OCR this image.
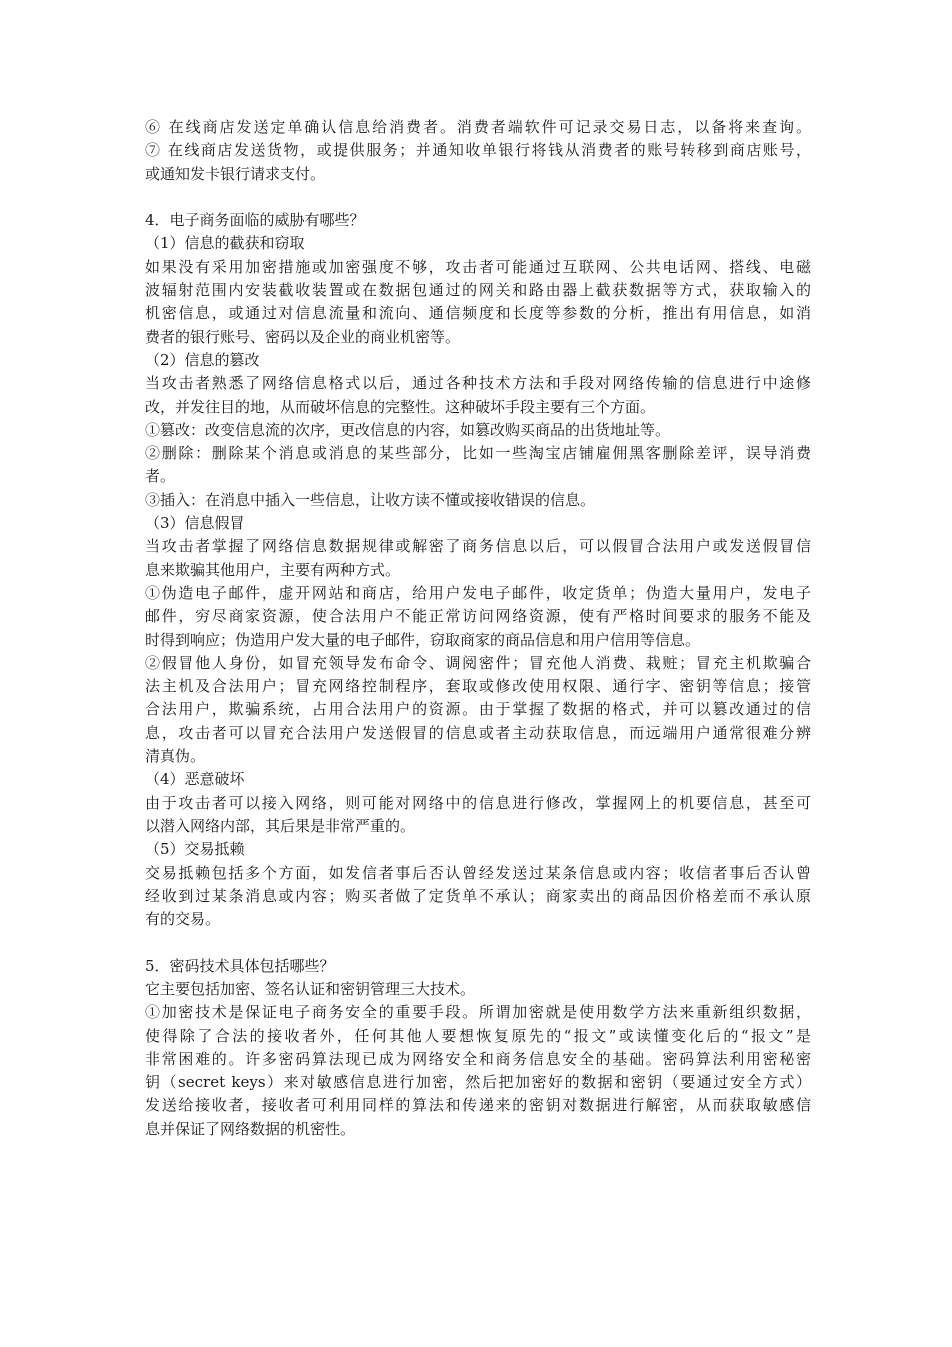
⑥ 在线商店发送定单确认信息给消费者。消费者端软件可记录交易日志，以备将来查询。
⑦ 在线商店发送货物，或提供服务；并通知收单银行将钱从消费者的账号转移到商店账号，
或通知发卡银行请求支付。
4．电子商务面临的威胁有哪些？
（1）信息的截获和窃取
如果没有采用加密措施或加密强度不够，攻击者可能通过互联网、公共电话网、搭线、电磁
波辐射范围内安装截收装置或在数据包通过的网关和路由器上截获数据等方式，获取输入的
机密信息，或通过对信息流量和流向、通信频度和长度等参数的分析，推出有用信息，如消
费者的银行账号、密码以及企业的商业机密等。
（2）信息的篡改
当攻击者熟悉了网络信息格式以后，通过各种技术方法和手段对网络传输的信息进行中途修
改，并发往目的地，从而破坏信息的完整性。这种破坏手段主要有三个方面。
①篡改：改变信息流的次序，更改信息的内容，如篡改购买商品的出货地址等。
②删除：删除某个消息或消息的某些部分，比如一些淘宝店铺雇佣黑客删除差评，误导消费
者。
③插入：在消息中插入一些信息，让收方读不懂或接收错误的信息。
（3）信息假冒
当攻击者掌握了网络信息数据规律或解密了商务信息以后，可以假冒合法用户或发送假冒信
息来欺骗其他用户，主要有两种方式。
①伪造电子邮件，虚开网站和商店，给用户发电子邮件，收定货单；伪造大量用户，发电子
邮件，穷尽商家资源，使合法用户不能正常访问网络资源，使有严格时间要求的服务不能及
时得到响应；伪造用户发大量的电子邮件，窃取商家的商品信息和用户信用等信息。
②假冒他人身份，如冒充领导发布命令、调阅密件；冒充他人消费、栽赃；冒充主机欺骗合
法主机及合法用户；冒充网络控制程序，套取或修改使用权限、通行字、密钥等信息；接管
合法用户，欺骗系统，占用合法用户的资源。由于掌握了数据的格式，并可以篡改通过的信
息，攻击者可以冒充合法用户发送假冒的信息或者主动获取信息，而远端用户通常很难分辨
清真伪。
（4）恶意破坏
由于攻击者可以接入网络，则可能对网络中的信息进行修改，掌握网上的机要信息，甚至可
以潜入网络内部，其后果是非常严重的。
（5）交易抵赖
交易抵赖包括多个方面，如发信者事后否认曾经发送过某条信息或内容；收信者事后否认曾
经收到过某条消息或内容；购买者做了定货单不承认；商家卖出的商品因价格差而不承认原
有的交易。
5．密码技术具体包括哪些？
它主要包括加密、签名认证和密钥管理三大技术。
①加密技术是保证电子商务安全的重要手段。所谓加密就是使用数学方法来重新组织数据，
使得除了合法的接收者外，任何其他人要想恢复原先的“报文”或读懂变化后的“报文”是
非常困难的。许多密码算法现已成为网络安全和商务信息安全的基础。密码算法利用密秘密
钥（secret keys）来对敏感信息进行加密，然后把加密好的数据和密钥（要通过安全方式）
发送给接收者，接收者可利用同样的算法和传递来的密钥对数据进行解密，从而获取敏感信
息并保证了网络数据的机密性。
